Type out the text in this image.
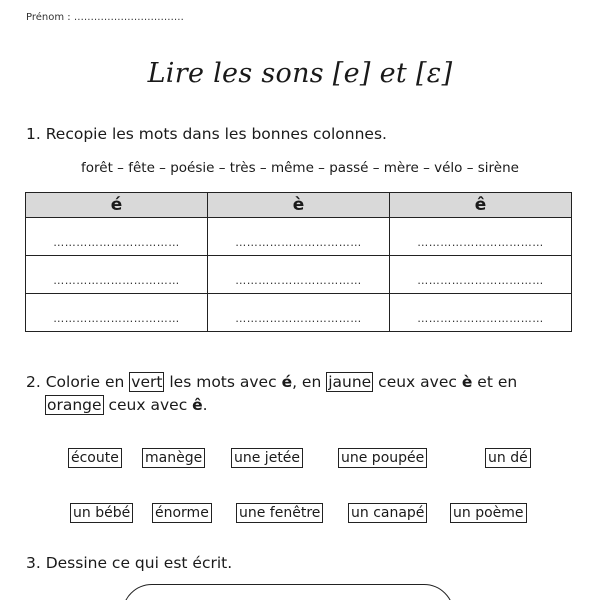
Prénom : ……………………………
Lire les sons [e] et [ɛ]
1. Recopie les mots dans les bonnes colonnes.
forêt – fête – poésie – très – même – passé – mère – vélo – sirène
é	è	ê
……………………………	……………………………	……………………………
……………………………	……………………………	……………………………
……………………………	……………………………	……………………………
2. Colorie en vert les mots avec é, en jaune ceux avec è et en
orange ceux avec ê.
écoute manège une jetée	une poupée	un dé
un bébé énorme une fenêtre un canapé un poème
3. Dessine ce qui est écrit.
